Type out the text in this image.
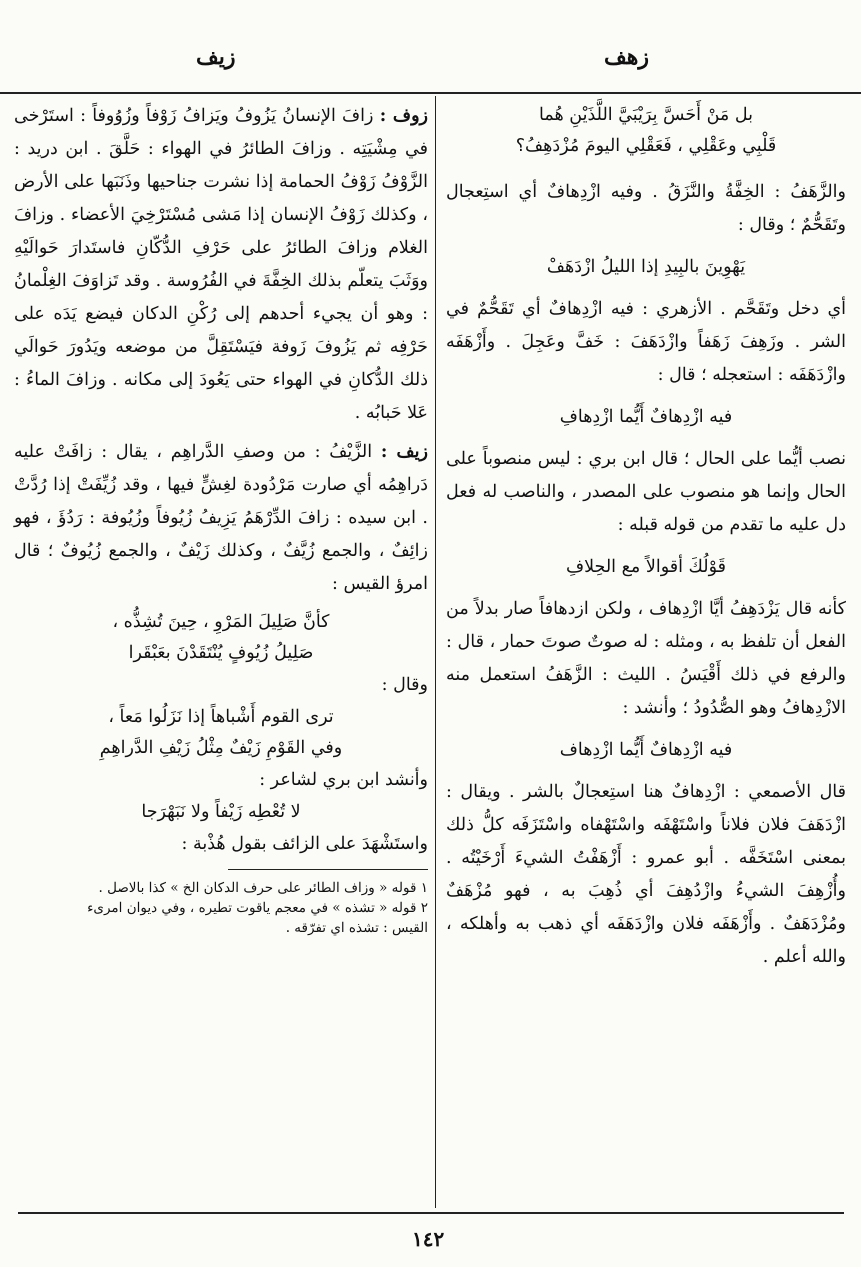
زهف
زيف

بل مَنْ أَحَسَّ بِرَيْبَيَّ اللَّذَيْنِ هُما

قَلْبِي وعَقْلِي ، فَعَقْلِي اليومَ مُزْدَهِفُ؟

والزَّهَفُ : الخِفَّةُ والنَّزَقُ . وفيه ازْدِهافٌ أي استِعجال وتَقَحُّمٌ ؛ وقال :

يَهْوِينَ بالبِيدِ إذا الليلُ ازْدَهَفْ

أي دخل وتَقَحَّم . الأزهري : فيه ازْدِهافٌ أي تَقَحُّمٌ في الشر . وزَهِفَ زَهَفاً وازْدَهَفَ : خَفَّ وعَجِلَ . وأَزْهَفَه وازْدَهَفَه : استعجله ؛ قال :

فيه ازْدِهافٌ أَيُّما ازْدِهافِ

نصب أيُّما على الحال ؛ قال ابن بري : ليس منصوباً على الحال وإنما هو منصوب على المصدر ، والناصب له فعل دل عليه ما تقدم من قوله قبله :

قَوْلُكَ أقوالاً مع الحِلافِ

كأنه قال يَزْدَهِفُ أيَّا ازْدِهاف ، ولكن ازدهافاً صار بدلاً من الفعل أن تلفظ به ، ومثله : له صوتٌ صوتَ حمار ، قال : والرفع في ذلك أَقْيَسُ . الليث : الزَّهَفُ استعمل منه الازْدِهافُ وهو الصُّدُودُ ؛ وأنشد :

فيه ازْدِهافٌ أَيُّما ازْدِهاف

قال الأصمعي : ازْدِهافٌ هنا استِعجالٌ بالشر . ويقال : ازْدَهَفَ فلان فلاناً واسْتَهْفَه واسْتَهْفاه واسْتَزَفَه كلُّ ذلك بمعنى اسْتَخَفَّه . أبو عمرو : أَزْهَفْتُ الشيءَ أَرْخَيْتُه . وأُزْهِفَ الشيءُ وازْدُهِفَ أي ذُهِبَ به ، فهو مُزْهَفٌ ومُزْدَهَفٌ . وأَزْهَفَه فلان وازْدَهَفَه أي ذهب به وأهلكه ، والله أعلم .

زوف : زافَ الإنسانُ يَزُوفُ ويَزافُ زَوْفاً وزُوُوفاً : استَرْخى في مِشْيَتِه . وزافَ الطائرُ في الهواء : حَلَّقَ . ابن دريد : الزَّوْفُ زَوْفُ الحمامة إذا نشرت جناحيها وذَنَبَها على الأرض ، وكذلك زَوْفُ الإنسان إذا مَشى مُسْتَرْخِيَ الأعضاء . وزافَ الغلام وزافَ الطائرُ على حَرْفِ الدُّكّانِ فاستَدارَ حَوالَيْهِ ووَثَبَ يتعلّم بذلك الخِفَّةَ في الفُرُوسة . وقد تَزاوَفَ الغِلْمانُ : وهو أن يجيء أحدهم إلى رُكْنِ الدكان فيضع يَدَه على حَرْفِه ثم يَزُوفَ زَوفة فيَسْتَقِلَّ من موضعه ويَدُورَ حَوالَي ذلك الدُّكانِ في الهواء حتى يَعُودَ إلى مكانه . وزافَ الماءُ : عَلا حَبابُه .

زيف : الزَّيْفُ : من وصفِ الدَّراهِم ، يقال : زافَتْ عليه دَراهِمُه أي صارت مَرْدُودة لغِشٍّ فيها ، وقد زُيِّفَتْ إذا رُدَّتْ . ابن سيده : زافَ الدِّرْهَمُ يَزِيفُ زُيُوفاً وزُيُوفة : رَدُؤَ ، فهو زائِفٌ ، والجمع زُيَّفٌ ، وكذلك زَيْفٌ ، والجمع زُيُوفٌ ؛ قال امرؤ القيس :

كأنَّ صَلِيلَ المَرْوِ ، حِينَ تُشِذُّه ،

صَلِيلُ زُيُوفٍ يُنْتَقَدْنَ بعَبْقَرا

وقال :

ترى القوم أَشْباهاً إذا نَزَلُوا مَعاً ،

وفي القَوْمِ زَيْفٌ مِثْلُ زَيْفِ الدَّراهِمِ

وأنشد ابن بري لشاعر :

لا تُعْطِه زَيْفاً ولا نَبَهْرَجا

واستَشْهَدَ على الزائف بقول هُذْبة :

١ قوله « وزاف الطائر على حرف الدكان الخ » كذا بالاصل .

٢ قوله « تشذه » في معجم ياقوت تطيره ، وفي ديوان امرىء

القيس : تشذه اي تفرّقه .

١٤٢
